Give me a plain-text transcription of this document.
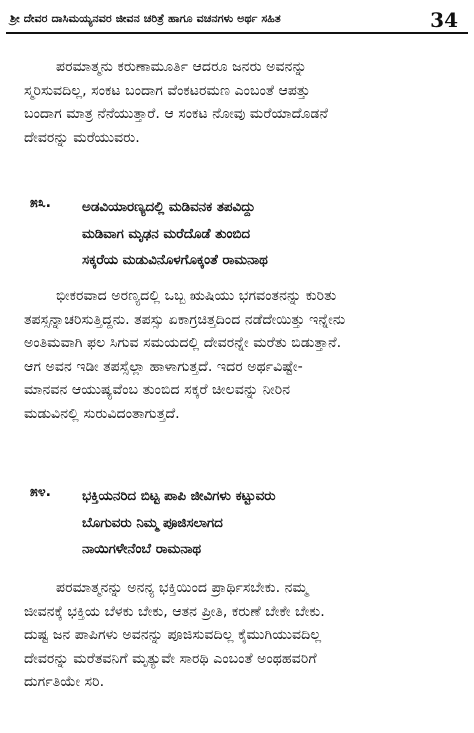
ಶ್ರೀ ದೇವರ ದಾಸಿಮಯ್ಯನವರ ಜೀವನ ಚರಿತ್ರೆ ಹಾಗೂ ವಚನಗಳು ಅರ್ಥ ಸಹಿತ	34
ಪರಮಾತ್ಮನು ಕರುಣಾಮೂರ್ತಿ ಆದರೂ ಜನರು ಅವನನ್ನು
ಸ್ಮರಿಸುವದಿಲ್ಲ, ಸಂಕಟ ಬಂದಾಗ ವೆಂಕಟರಮಣ ಎಂಬಂತೆ ಆಪತ್ತು
ಬಂದಾಗ ಮಾತ್ರ ನೆನೆಯುತ್ತಾರೆ. ಆ ಸಂಕಟ ನೋವು ಮರೆಯಾದೊಡನೆ
ದೇವರನ್ನು ಮರೆಯುವರು.
೫೩. ಅಡವಿಯಾರಣ್ಯದಲ್ಲಿ ಮಡಿವನಕ ತಪವಿದ್ದು
ಮಡಿವಾಗ ಮೃಢನ ಮರೆದೊಡೆ ತುಂಬಿದ
ಸಕ್ಕರೆಯ ಮಡುವಿನೊಳಗೊಕ್ಕಂತೆ ರಾಮನಾಥ
ಭೀಕರವಾದ ಅರಣ್ಯದಲ್ಲಿ ಒಬ್ಬ ಋಷಿಯು ಭಗವಂತನನ್ನು ಕುರಿತು
ತಪಸ್ಸನ್ನಾಚರಿಸುತ್ತಿದ್ದನು. ತಪಸ್ಸು ಏಕಾಗ್ರಚಿತ್ತದಿಂದ ನಡೆದೇಯಿತ್ತು ಇನ್ನೇನು
ಅಂತಿಮವಾಗಿ ಫಲ ಸಿಗುವ ಸಮಯದಲ್ಲಿ ದೇವರನ್ನೇ ಮರೆತು ಬಿಡುತ್ತಾನೆ.
ಆಗ ಅವನ ಇಡೀ ತಪಸ್ಸೆಲ್ಲಾ ಹಾಳಾಗುತ್ತದೆ. ಇದರ ಅರ್ಥವಿಷ್ಟೇ-
ಮಾನವನ ಆಯುಷ್ಯವೆಂಬ ತುಂಬಿದ ಸಕ್ಕರೆ ಚೀಲವನ್ನು ನೀರಿನ
ಮಡುವಿನಲ್ಲಿ ಸುರುವಿದಂತಾಗುತ್ತದೆ.
೫೪. ಭಕ್ತಿಯನರಿದ ಬಿಟ್ಟ ಪಾಪಿ ಜೀವಿಗಳು ಕಟ್ಟುವರು
ಬೊಗುವರು ನಿಮ್ಮ ಪೂಜಿಸಲಾಗದ
ನಾಯಿಗಳೇನೆಂಬೆ ರಾಮನಾಥ
ಪರಮಾತ್ಮನನ್ನು ಅನನ್ಯ ಭಕ್ತಿಯಿಂದ ಪ್ರಾರ್ಥಿಸಬೇಕು. ನಮ್ಮ
ಜೀವನಕ್ಕೆ ಭಕ್ತಿಯ ಬೆಳಕು ಬೇಕು, ಆತನ ಪ್ರೀತಿ, ಕರುಣೆ ಬೇಕೇ ಬೇಕು.
ದುಷ್ಟ ಜನ ಪಾಪಿಗಳು ಅವನನ್ನು ಪೂಜಿಸುವದಿಲ್ಲ ಕೈಮುಗಿಯುವದಿಲ್ಲ
ದೇವರನ್ನು ಮರೆತವನಿಗೆ ಮೃತ್ಯುವೇ ಸಾರಥಿ ಎಂಬಂತೆ ಅಂಥಹವರಿಗೆ
ದುರ್ಗತಿಯೇ ಸರಿ.
